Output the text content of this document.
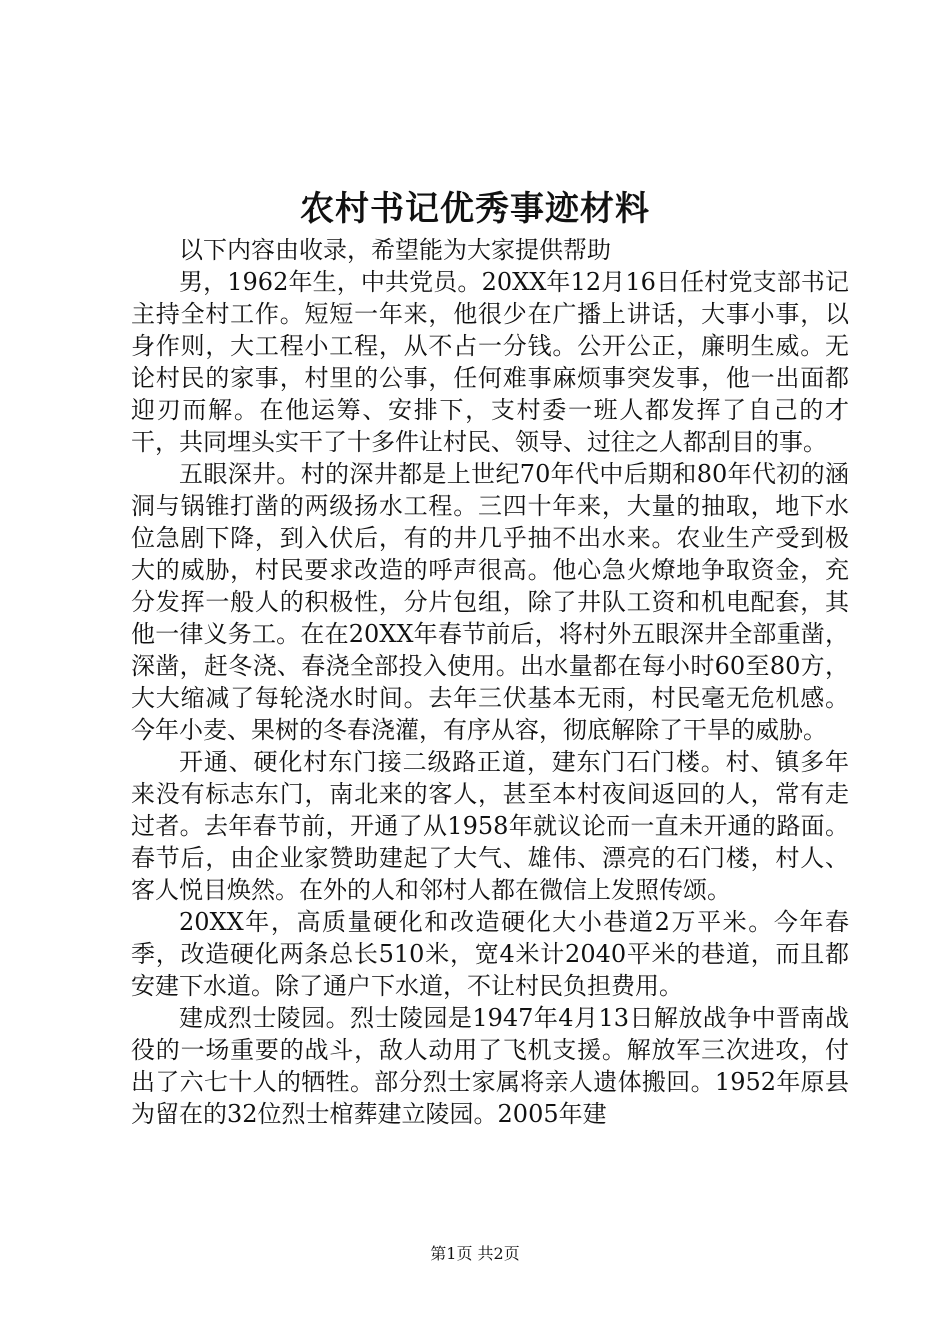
农村书记优秀事迹材料

以下内容由收录，希望能为大家提供帮助

男，1962年生，中共党员。20XX年12月16日任村党支部书记主持全村工作。短短一年来，他很少在广播上讲话，大事小事，以身作则，大工程小工程，从不占一分钱。公开公正，廉明生威。无论村民的家事，村里的公事，任何难事麻烦事突发事，他一出面都迎刃而解。在他运筹、安排下，支村委一班人都发挥了自己的才干，共同埋头实干了十多件让村民、领导、过往之人都刮目的事。

五眼深井。村的深井都是上世纪70年代中后期和80年代初的涵洞与锅锥打凿的两级扬水工程。三四十年来，大量的抽取，地下水位急剧下降，到入伏后，有的井几乎抽不出水来。农业生产受到极大的威胁，村民要求改造的呼声很高。他心急火燎地争取资金，充分发挥一般人的积极性，分片包组，除了井队工资和机电配套，其他一律义务工。在在20XX年春节前后，将村外五眼深井全部重凿，深凿，赶冬浇、春浇全部投入使用。出水量都在每小时60至80方，大大缩减了每轮浇水时间。去年三伏基本无雨，村民毫无危机感。今年小麦、果树的冬春浇灌，有序从容，彻底解除了干旱的威胁。

开通、硬化村东门接二级路正道，建东门石门楼。村、镇多年来没有标志东门，南北来的客人，甚至本村夜间返回的人，常有走过者。去年春节前，开通了从1958年就议论而一直未开通的路面。春节后，由企业家赞助建起了大气、雄伟、漂亮的石门楼，村人、客人悦目焕然。在外的人和邻村人都在微信上发照传颂。

20XX年，高质量硬化和改造硬化大小巷道2万平米。今年春季，改造硬化两条总长510米，宽4米计2040平米的巷道，而且都安建下水道。除了通户下水道，不让村民负担费用。

建成烈士陵园。烈士陵园是1947年4月13日解放战争中晋南战役的一场重要的战斗，敌人动用了飞机支援。解放军三次进攻，付出了六七十人的牺牲。部分烈士家属将亲人遗体搬回。1952年原县为留在的32位烈士棺葬建立陵园。2005年建

第1页 共2页
